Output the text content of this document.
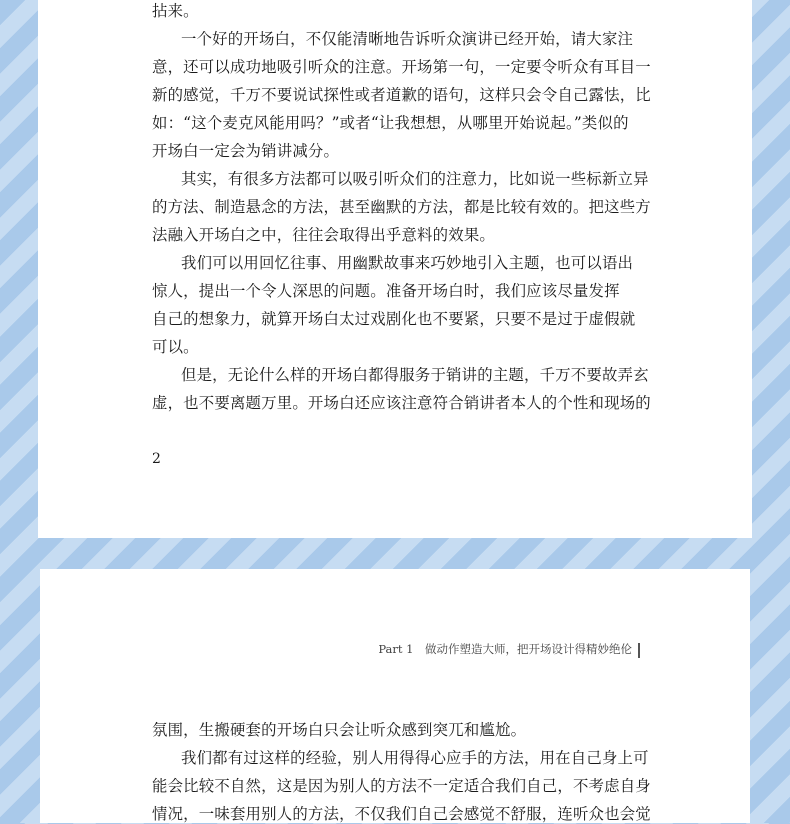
拈来。
一个好的开场白，不仅能清晰地告诉听众演讲已经开始，请大家注
意，还可以成功地吸引听众的注意。开场第一句，一定要令听众有耳目一
新的感觉，千万不要说试探性或者道歉的语句，这样只会令自己露怯，比
如：“这个麦克风能用吗？”或者“让我想想，从哪里开始说起。”类似的
开场白一定会为销讲减分。
其实，有很多方法都可以吸引听众们的注意力，比如说一些标新立异
的方法、制造悬念的方法，甚至幽默的方法，都是比较有效的。把这些方
法融入开场白之中，往往会取得出乎意料的效果。
我们可以用回忆往事、用幽默故事来巧妙地引入主题，也可以语出
惊人，提出一个令人深思的问题。准备开场白时，我们应该尽量发挥
自己的想象力，就算开场白太过戏剧化也不要紧，只要不是过于虚假就
可以。
但是，无论什么样的开场白都得服务于销讲的主题，千万不要故弄玄
虚，也不要离题万里。开场白还应该注意符合销讲者本人的个性和现场的
2
Part 1　做动作塑造大师，把开场设计得精妙绝伦
氛围，生搬硬套的开场白只会让听众感到突兀和尴尬。
我们都有过这样的经验，别人用得得心应手的方法，用在自己身上可
能会比较不自然，这是因为别人的方法不一定适合我们自己，不考虑自身
情况，一味套用别人的方法，不仅我们自己会感觉不舒服，连听众也会觉
